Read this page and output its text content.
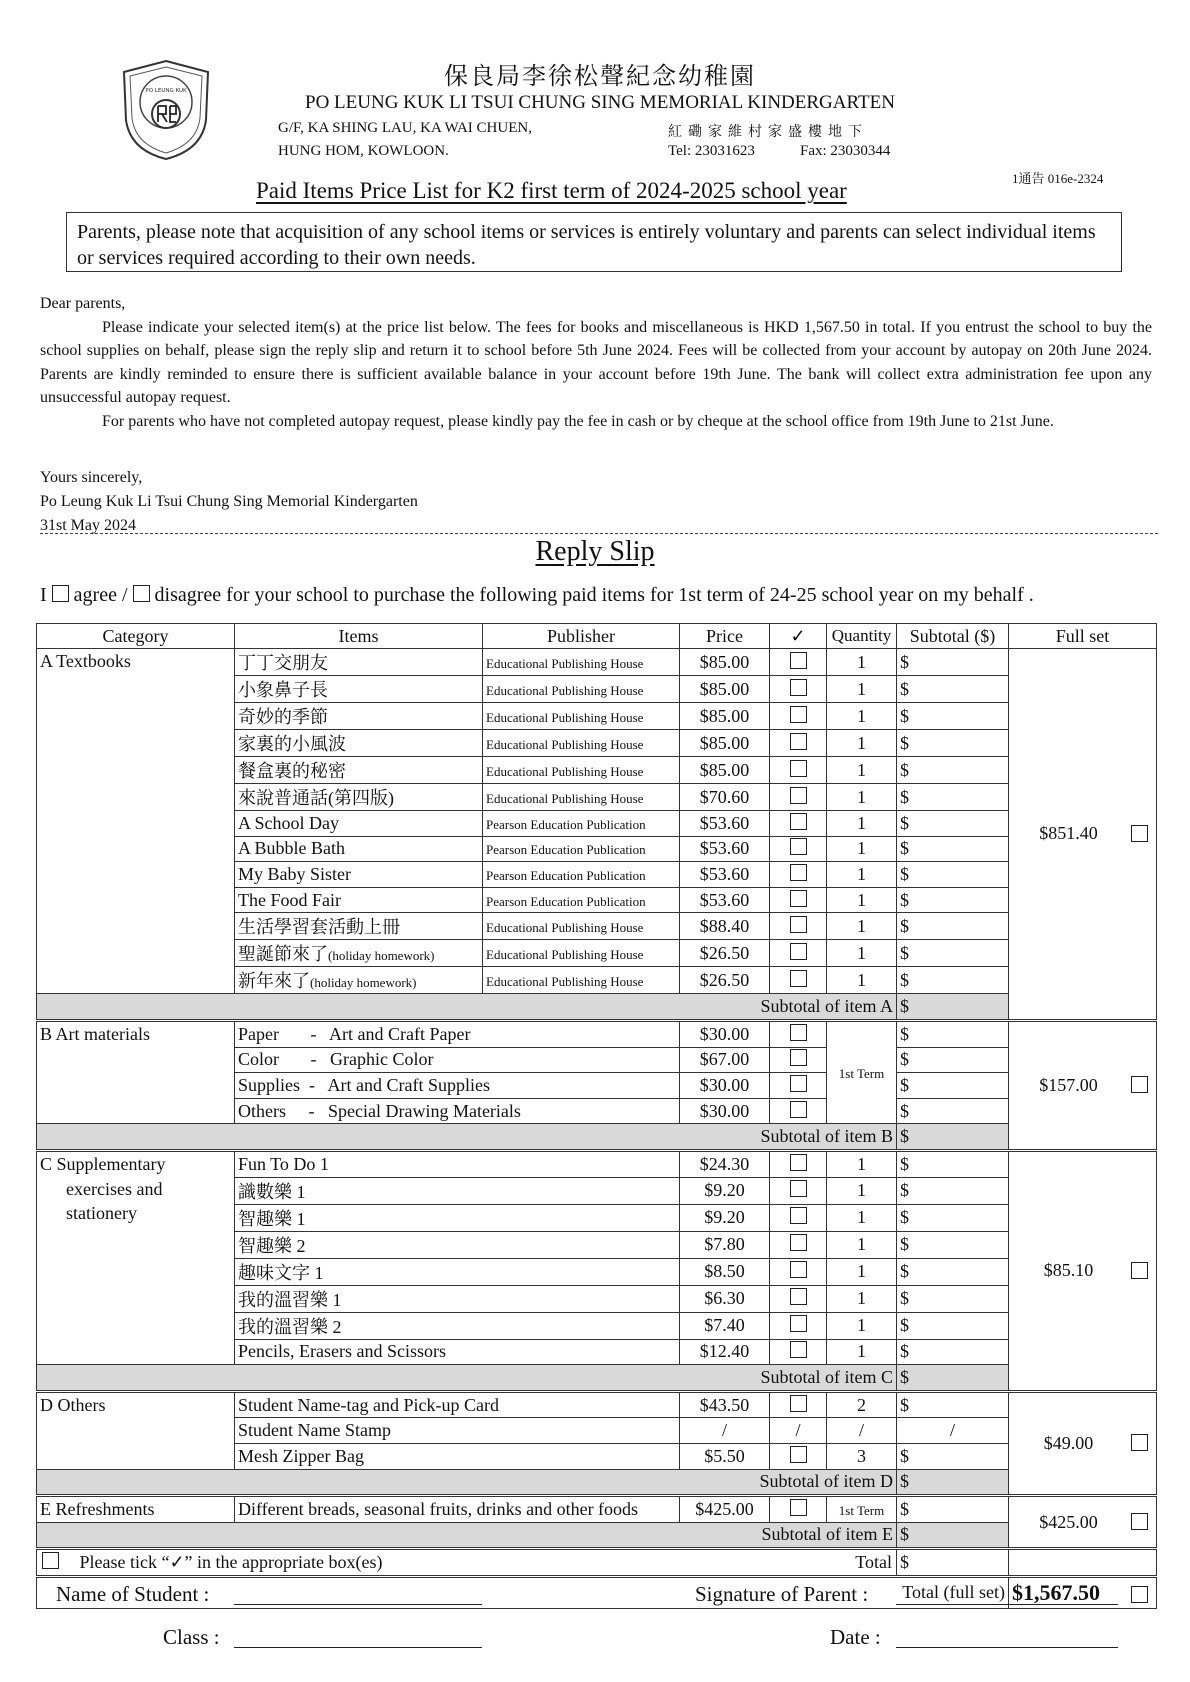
PO LEUNG KUK
保良局李徐松聲紀念幼稚園
PO LEUNG KUK LI TSUI CHUNG SING MEMORIAL KINDERGARTEN
G/F, KA SHING LAU, KA WAI CHUEN,
HUNG HOM, KOWLOON.
紅磡家維村家盛樓地下
Tel: 23031623	Fax: 23030344
1通告 016e-2324
Paid Items Price List for K2 first term of 2024-2025 school year
Parents, please note that acquisition of any school items or services is entirely voluntary and parents can select individual items or services required according to their own needs.

Dear parents,

Please indicate your selected item(s) at the price list below. The fees for books and miscellaneous is HKD 1,567.50 in total. If you entrust the school to buy the school supplies on behalf, please sign the reply slip and return it to school before 5th June 2024. Fees will be collected from your account by autopay on 20th June 2024. Parents are kindly reminded to ensure there is sufficient available balance in your account before 19th June. The bank will collect extra administration fee upon any unsuccessful autopay request.

For parents who have not completed autopay request, please kindly pay the fee in cash or by cheque at the school office from 19th June to 21st June.

Yours sincerely,
Po Leung Kuk Li Tsui Chung Sing Memorial Kindergarten
31st May 2024
Reply Slip
I agree / disagree for your school to purchase the following paid items for 1st term of 24-25 school year on my behalf .
Category	Items	Publisher	Price	✓	Quantity	Subtotal ($)	Full set
A Textbooks	丁丁交朋友	Educational Publishing House	$85.00		1	$	$851.40

	小象鼻子長	Educational Publishing House	$85.00		1	$	
	奇妙的季節	Educational Publishing House	$85.00		1	$	
	家裏的小風波	Educational Publishing House	$85.00		1	$	
	餐盒裏的秘密	Educational Publishing House	$85.00		1	$	
	來說普通話(第四版)	Educational Publishing House	$70.60		1	$	
	A School Day	Pearson Education Publication	$53.60		1	$	
	A Bubble Bath	Pearson Education Publication	$53.60		1	$	
	My Baby Sister	Pearson Education Publication	$53.60		1	$	
	The Food Fair	Pearson Education Publication	$53.60		1	$	
	生活學習套活動上冊	Educational Publishing House	$88.40		1	$	
	聖誕節來了(holiday homework)	Educational Publishing House	$26.50		1	$	
	新年來了(holiday homework)	Educational Publishing House	$26.50		1	$	
Subtotal of item A						$	
B Art materials	Paper       -   Art and Craft Paper		$30.00		1st Term	$	$157.00

	Color       -   Graphic Color		$67.00			$	
	Supplies  -   Art and Craft Supplies		$30.00			$	
	Others     -   Special Drawing Materials		$30.00			$	
Subtotal of item B						$	
C Supplementary
exercises and
stationery	Fun To Do 1		$24.30		1	$	$85.10

	識數樂 1		$9.20		1	$	
	智趣樂 1		$9.20		1	$	
	智趣樂 2		$7.80		1	$	
	趣味文字 1		$8.50		1	$	
	我的溫習樂 1		$6.30		1	$	
	我的溫習樂 2		$7.40		1	$	
	Pencils, Erasers and Scissors		$12.40		1	$	
Subtotal of item C						$	
D Others	Student Name-tag and Pick-up Card		$43.50		2	$	$49.00

	Student Name Stamp		/	/	/	/	
	Mesh Zipper Bag		$5.50		3	$	
Subtotal of item D						$	
E Refreshments	Different breads, seasonal fruits, drinks and other foods		$425.00		1st Term	$	$425.00

Subtotal of item E						$	
Please tick “✓” in the appropriate box(es) Total						$	
Total (full set)							$1,567.50
Name of Student :
Class :
Signature of Parent :
Date :
